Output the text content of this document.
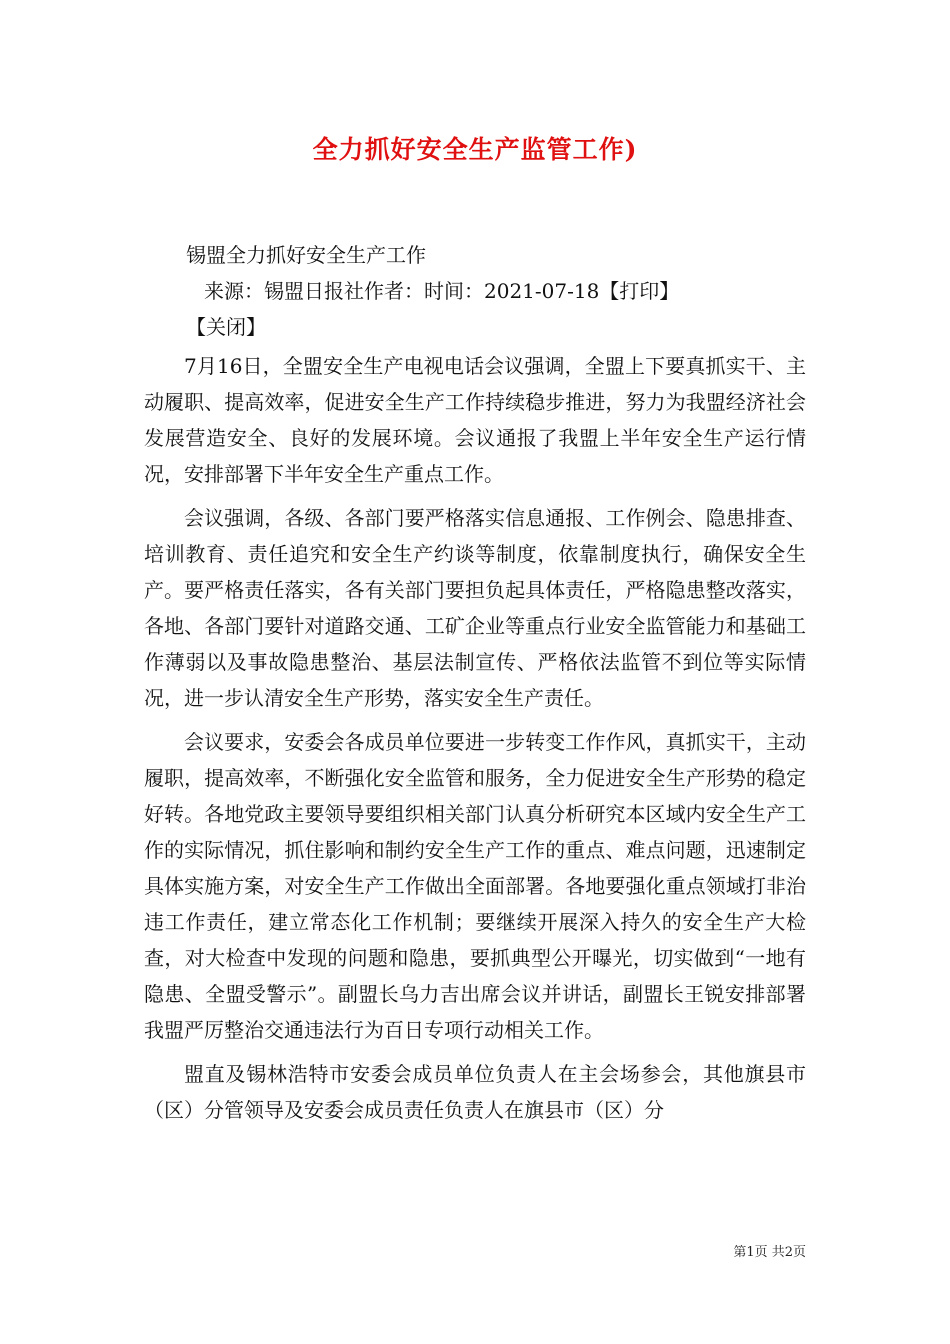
全力抓好安全生产监管工作)
锡盟全力抓好安全生产工作
来源：锡盟日报社作者：时间：2021-07-18【打印】
【关闭】

7月16日，全盟安全生产电视电话会议强调，全盟上下要真抓实干、主动履职、提高效率，促进安全生产工作持续稳步推进，努力为我盟经济社会发展营造安全、良好的发展环境。会议通报了我盟上半年安全生产运行情况，安排部署下半年安全生产重点工作。

会议强调，各级、各部门要严格落实信息通报、工作例会、隐患排查、培训教育、责任追究和安全生产约谈等制度，依靠制度执行，确保安全生产。要严格责任落实，各有关部门要担负起具体责任，严格隐患整改落实，各地、各部门要针对道路交通、工矿企业等重点行业安全监管能力和基础工作薄弱以及事故隐患整治、基层法制宣传、严格依法监管不到位等实际情况，进一步认清安全生产形势，落实安全生产责任。

会议要求，安委会各成员单位要进一步转变工作作风，真抓实干，主动履职，提高效率，不断强化安全监管和服务，全力促进安全生产形势的稳定好转。各地党政主要领导要组织相关部门认真分析研究本区域内安全生产工作的实际情况，抓住影响和制约安全生产工作的重点、难点问题，迅速制定具体实施方案，对安全生产工作做出全面部署。各地要强化重点领域打非治违工作责任，建立常态化工作机制；要继续开展深入持久的安全生产大检查，对大检查中发现的问题和隐患，要抓典型公开曝光，切实做到“一地有隐患、全盟受警示”。副盟长乌力吉出席会议并讲话，副盟长王锐安排部署我盟严厉整治交通违法行为百日专项行动相关工作。

盟直及锡林浩特市安委会成员单位负责人在主会场参会，其他旗县市（区）分管领导及安委会成员责任负责人在旗县市（区）分

第1页 共2页
